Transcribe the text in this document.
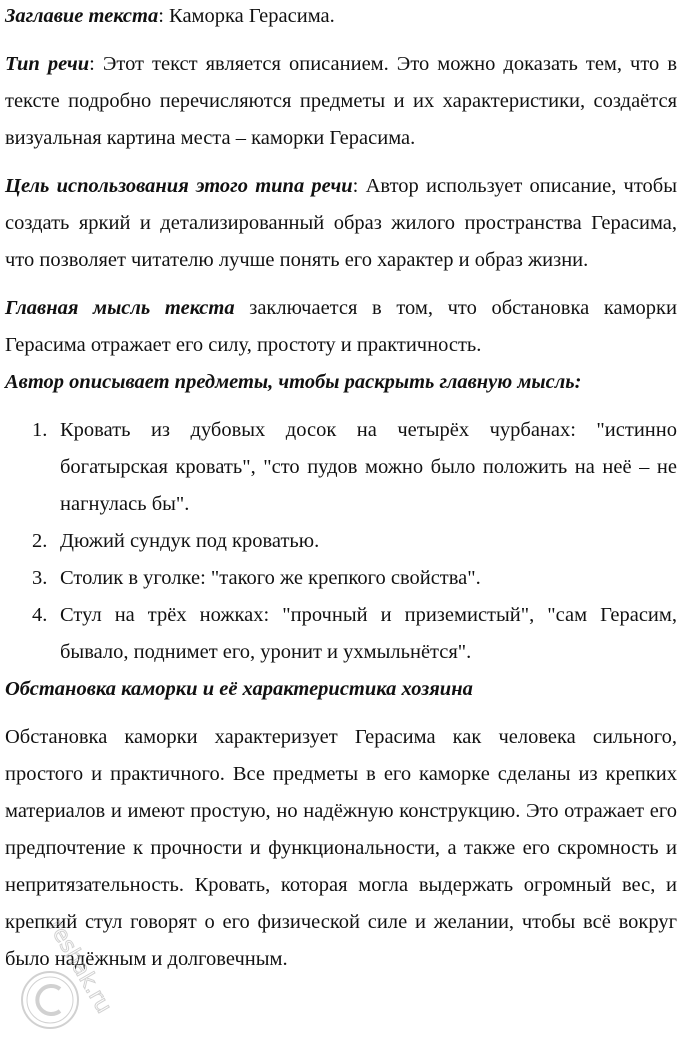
Заглавие текста: Каморка Герасима.

Тип речи: Этот текст является описанием. Это можно доказать тем, что в тексте подробно перечисляются предметы и их характеристики, создаётся визуальная картина места – каморки Герасима.

Цель использования этого типа речи: Автор использует описание, чтобы создать яркий и детализированный образ жилого пространства Герасима, что позволяет читателю лучше понять его характер и образ жизни.

Главная мысль текста заключается в том, что обстановка каморки Герасима отражает его силу, простоту и практичность.

Автор описывает предметы, чтобы раскрыть главную мысль:

1. Кровать из дубовых досок на четырёх чурбанах: "истинно богатырская кровать", "сто пудов можно было положить на неё – не нагнулась бы".
2. Дюжий сундук под кроватью.
3. Столик в уголке: "такого же крепкого свойства".
4. Стул на трёх ножках: "прочный и приземистый", "сам Герасим, бывало, поднимет его, уронит и ухмыльнётся".

Обстановка каморки и её характеристика хозяина

Обстановка каморки характеризует Герасима как человека сильного, простого и практичного. Все предметы в его каморке сделаны из крепких материалов и имеют простую, но надёжную конструкцию. Это отражает его предпочтение к прочности и функциональности, а также его скромность и непритязательность. Кровать, которая могла выдержать огромный вес, и крепкий стул говорят о его физической силе и желании, чтобы всё вокруг было надёжным и долговечным.

reshak.ru
